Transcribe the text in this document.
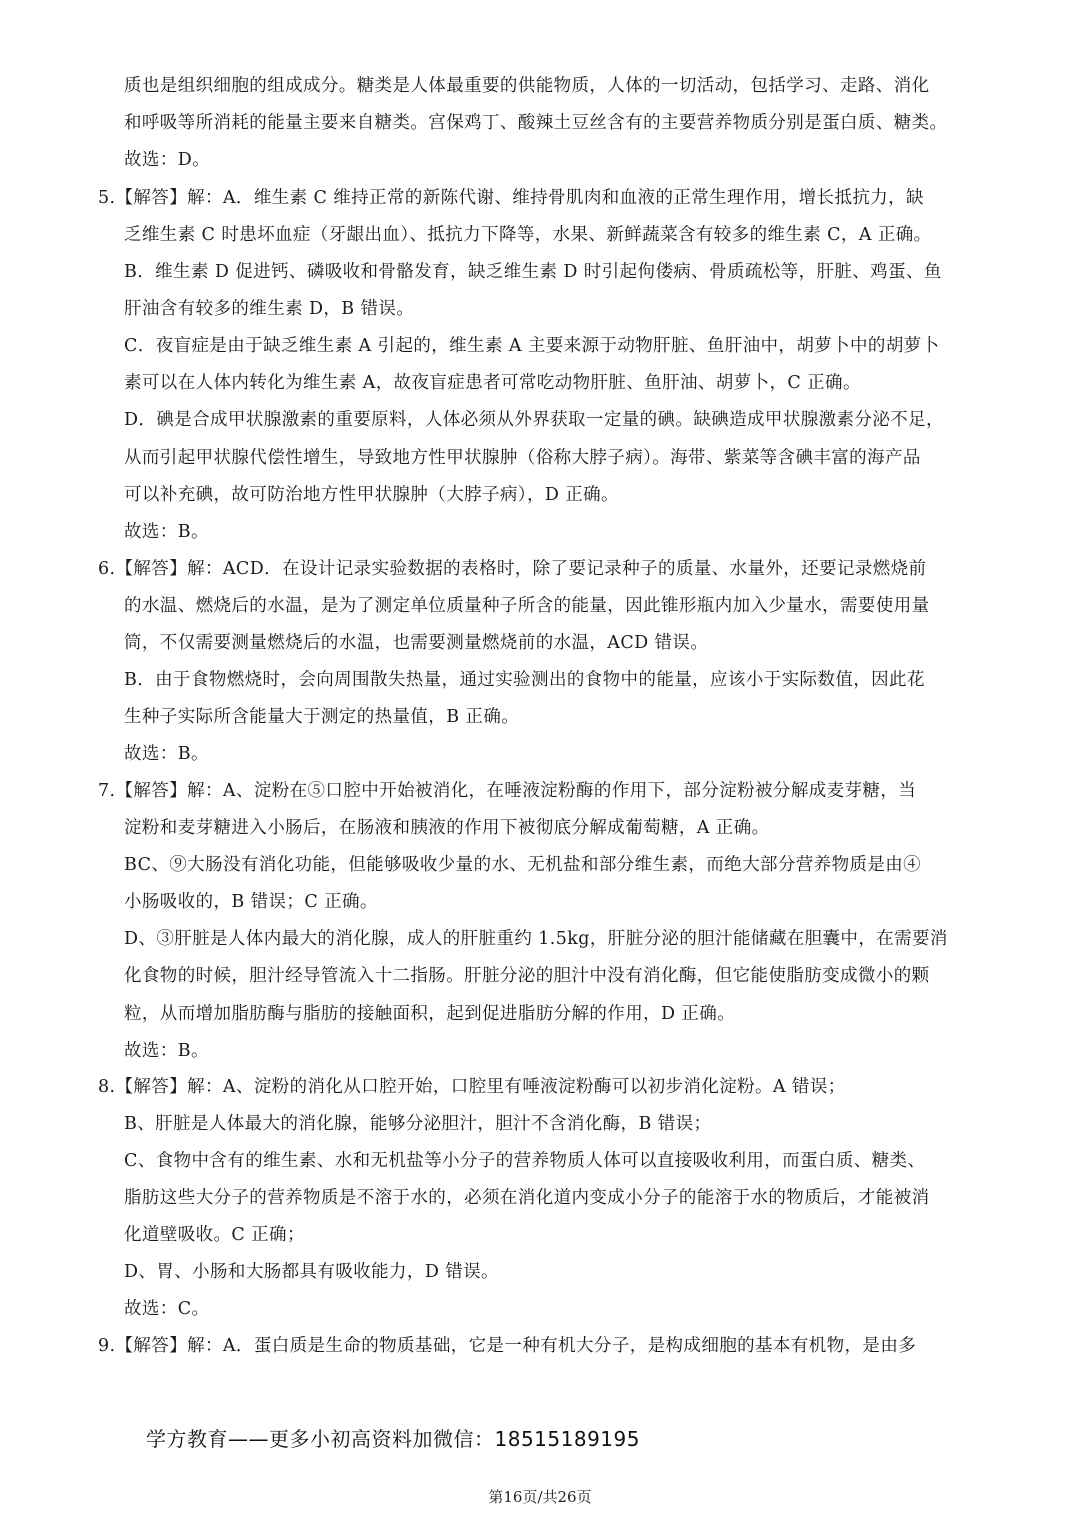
质也是组织细胞的组成成分。糖类是人体最重要的供能物质，人体的一切活动，包括学习、走路、消化
和呼吸等所消耗的能量主要来自糖类。宫保鸡丁、酸辣土豆丝含有的主要营养物质分别是蛋白质、糖类。
故选：D。
5.【解答】解：A．维生素 C 维持正常的新陈代谢、维持骨肌肉和血液的正常生理作用，增长抵抗力，缺
乏维生素 C 时患坏血症（牙龈出血）、抵抗力下降等，水果、新鲜蔬菜含有较多的维生素 C，A 正确。
B．维生素 D 促进钙、磷吸收和骨骼发育，缺乏维生素 D 时引起佝偻病、骨质疏松等，肝脏、鸡蛋、鱼
肝油含有较多的维生素 D，B 错误。
C．夜盲症是由于缺乏维生素 A 引起的，维生素 A 主要来源于动物肝脏、鱼肝油中，胡萝卜中的胡萝卜
素可以在人体内转化为维生素 A，故夜盲症患者可常吃动物肝脏、鱼肝油、胡萝卜，C 正确。
D．碘是合成甲状腺激素的重要原料，人体必须从外界获取一定量的碘。缺碘造成甲状腺激素分泌不足，
从而引起甲状腺代偿性增生，导致地方性甲状腺肿（俗称大脖子病）。海带、紫菜等含碘丰富的海产品
可以补充碘，故可防治地方性甲状腺肿（大脖子病），D 正确。
故选：B。
6.【解答】解：ACD．在设计记录实验数据的表格时，除了要记录种子的质量、水量外，还要记录燃烧前
的水温、燃烧后的水温，是为了测定单位质量种子所含的能量，因此锥形瓶内加入少量水，需要使用量
筒，不仅需要测量燃烧后的水温，也需要测量燃烧前的水温，ACD 错误。
B．由于食物燃烧时，会向周围散失热量，通过实验测出的食物中的能量，应该小于实际数值，因此花
生种子实际所含能量大于测定的热量值，B 正确。
故选：B。
7.【解答】解：A、淀粉在⑤口腔中开始被消化，在唾液淀粉酶的作用下，部分淀粉被分解成麦芽糖，当
淀粉和麦芽糖进入小肠后，在肠液和胰液的作用下被彻底分解成葡萄糖，A 正确。
BC、⑨大肠没有消化功能，但能够吸收少量的水、无机盐和部分维生素，而绝大部分营养物质是由④
小肠吸收的，B 错误；C 正确。
D、③肝脏是人体内最大的消化腺，成人的肝脏重约 1.5kg，肝脏分泌的胆汁能储藏在胆囊中，在需要消
化食物的时候，胆汁经导管流入十二指肠。肝脏分泌的胆汁中没有消化酶，但它能使脂肪变成微小的颗
粒，从而增加脂肪酶与脂肪的接触面积，起到促进脂肪分解的作用，D 正确。
故选：B。
8.【解答】解：A、淀粉的消化从口腔开始，口腔里有唾液淀粉酶可以初步消化淀粉。A 错误；
B、肝脏是人体最大的消化腺，能够分泌胆汁，胆汁不含消化酶，B 错误；
C、食物中含有的维生素、水和无机盐等小分子的营养物质人体可以直接吸收利用，而蛋白质、糖类、
脂肪这些大分子的营养物质是不溶于水的，必须在消化道内变成小分子的能溶于水的物质后，才能被消
化道壁吸收。C 正确；
D、胃、小肠和大肠都具有吸收能力，D 错误。
故选：C。
9.【解答】解：A．蛋白质是生命的物质基础，它是一种有机大分子，是构成细胞的基本有机物，是由多
学方教育——更多小初高资料加微信：18515189195
第16页/共26页
